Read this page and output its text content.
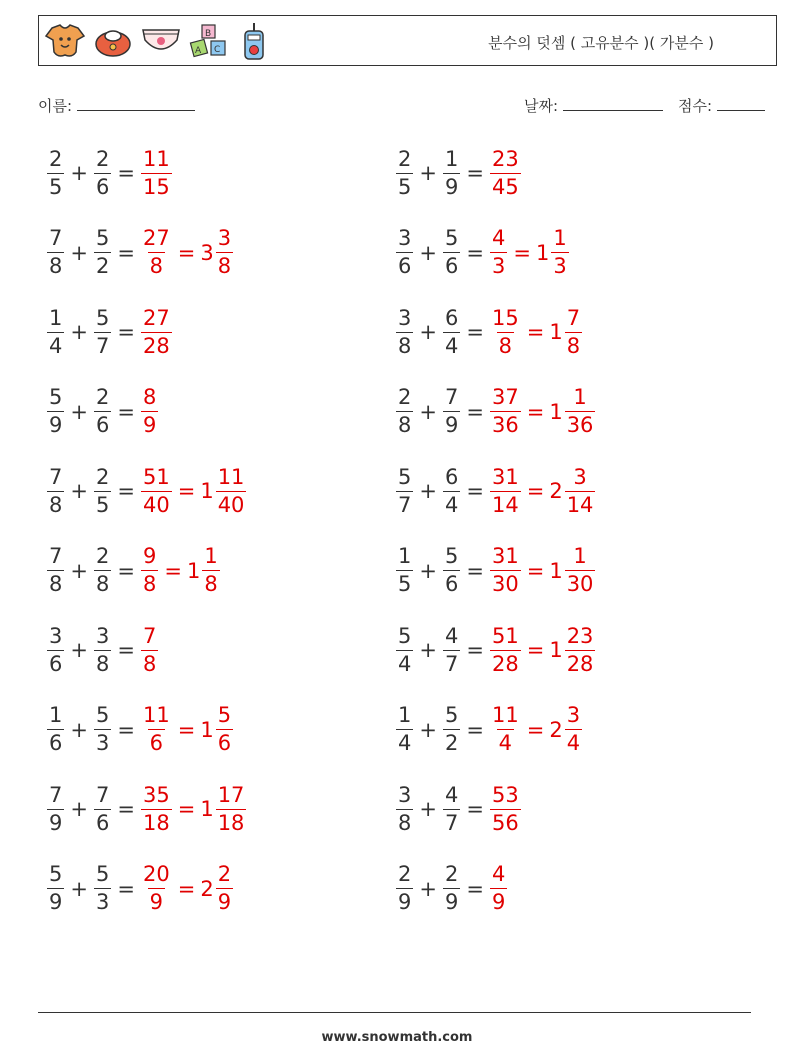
B
A C	분수의 덧셈 ( 고유분수 )( 가분수 )
이름:	날짜:	점수:
$\frac{2}{5} + \frac{2}{6} = \frac{11}{15}$	$\frac{2}{5} + \frac{1}{9} = \frac{23}{45}$
$\frac{7}{8} + \frac{5}{2} = \frac{27}{8} = 3 \frac{3}{8}$	$\frac{3}{6} + \frac{5}{6} = \frac{4}{3} = 1 \frac{1}{3}$
$\frac{1}{4} + \frac{5}{7} = \frac{27}{28}$	$\frac{3}{8} + \frac{6}{4} = \frac{15}{8} = 1 \frac{7}{8}$
$\frac{5}{9} + \frac{2}{6} = \frac{8}{9}$	$\frac{2}{8} + \frac{7}{9} = \frac{37}{36} = 1 \frac{1}{36}$
$\frac{7}{8} + \frac{2}{5} = \frac{51}{40} = 1 \frac{11}{40}$	$\frac{5}{7} + \frac{6}{4} = \frac{31}{14} = 2 \frac{3}{14}$
$\frac{7}{8} + \frac{2}{8} = \frac{9}{8} = 1 \frac{1}{8}$	$\frac{1}{5} + \frac{5}{6} = \frac{31}{30} = 1 \frac{1}{30}$
$\frac{3}{6} + \frac{3}{8} = \frac{7}{8}$	$\frac{5}{4} + \frac{4}{7} = \frac{51}{28} = 1 \frac{23}{28}$
$\frac{1}{6} + \frac{5}{3} = \frac{11}{6} = 1 \frac{5}{6}$	$\frac{1}{4} + \frac{5}{2} = \frac{11}{4} = 2 \frac{3}{4}$
$\frac{7}{9} + \frac{7}{6} = \frac{35}{18} = 1 \frac{17}{18}$	$\frac{3}{8} + \frac{4}{7} = \frac{53}{56}$
$\frac{5}{9} + \frac{5}{3} = \frac{20}{9} = 2 \frac{2}{9}$	$\frac{2}{9} + \frac{2}{9} = \frac{4}{9}$
www.snowmath.com
